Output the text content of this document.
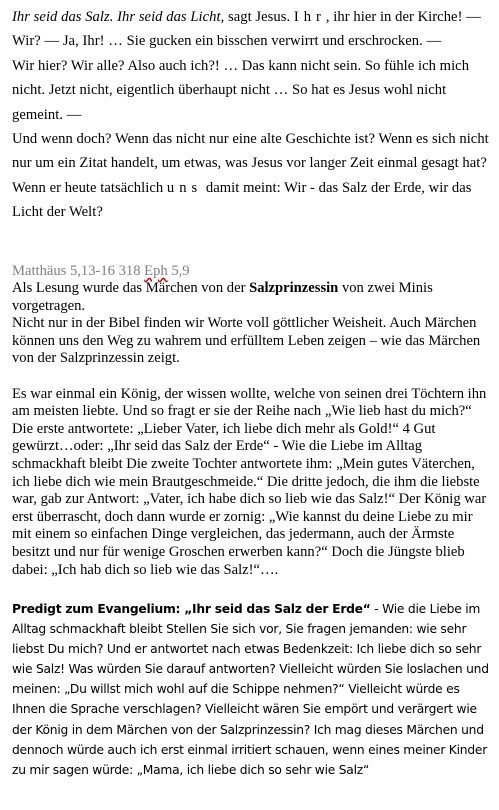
Ihr seid das Salz. Ihr seid das Licht, sagt Jesus. Ihr, ihr hier in der Kirche! — Wir? — Ja, Ihr! … Sie gucken ein bisschen verwirrt und erschrocken. —

Wir hier? Wir alle? Also auch ich?! … Das kann nicht sein. So fühle ich mich nicht. Jetzt nicht, eigentlich überhaupt nicht … So hat es Jesus wohl nicht gemeint. —

Und wenn doch? Wenn das nicht nur eine alte Geschichte ist? Wenn es sich nicht nur um ein Zitat handelt, um etwas, was Jesus vor langer Zeit einmal gesagt hat? Wenn er heute tatsächlich uns damit meint: Wir - das Salz der Erde, wir das Licht der Welt?

Matthäus 5,13-16 318 Eph 5,9

Als Lesung wurde das Märchen von der Salzprinzessin von zwei Minis vorgetragen.

Nicht nur in der Bibel finden wir Worte voll göttlicher Weisheit. Auch Märchen können uns den Weg zu wahrem und erfülltem Leben zeigen – wie das Märchen von der Salzprinzessin zeigt.

Es war einmal ein König, der wissen wollte, welche von seinen drei Töchtern ihn am meisten liebte. Und so fragt er sie der Reihe nach „Wie lieb hast du mich?“ Die erste antwortete: „Lieber Vater, ich liebe dich mehr als Gold!“ 4 Gut gewürzt…oder: „Ihr seid das Salz der Erde“ - Wie die Liebe im Alltag schmackhaft bleibt Die zweite Tochter antwortete ihm: „Mein gutes Väterchen, ich liebe dich wie mein Brautgeschmeide.“ Die dritte jedoch, die ihm die liebste war, gab zur Antwort: „Vater, ich habe dich so lieb wie das Salz!“ Der König war erst überrascht, doch dann wurde er zornig: „Wie kannst du deine Liebe zu mir mit einem so einfachen Dinge vergleichen, das jedermann, auch der Ärmste besitzt und nur für wenige Groschen erwerben kann?“ Doch die Jüngste blieb dabei: „Ich hab dich so lieb wie das Salz!“….

Predigt zum Evangelium: „Ihr seid das Salz der Erde“ - Wie die Liebe im Alltag schmackhaft bleibt Stellen Sie sich vor, Sie fragen jemanden: wie sehr liebst Du mich? Und er antwortet nach etwas Bedenkzeit: Ich liebe dich so sehr wie Salz! Was würden Sie darauf antworten? Vielleicht würden Sie loslachen und meinen: „Du willst mich wohl auf die Schippe nehmen?“ Vielleicht würde es Ihnen die Sprache verschlagen? Vielleicht wären Sie empört und verärgert wie der König in dem Märchen von der Salzprinzessin? Ich mag dieses Märchen und dennoch würde auch ich erst einmal irritiert schauen, wenn eines meiner Kinder zu mir sagen würde: „Mama, ich liebe dich so sehr wie Salz“
